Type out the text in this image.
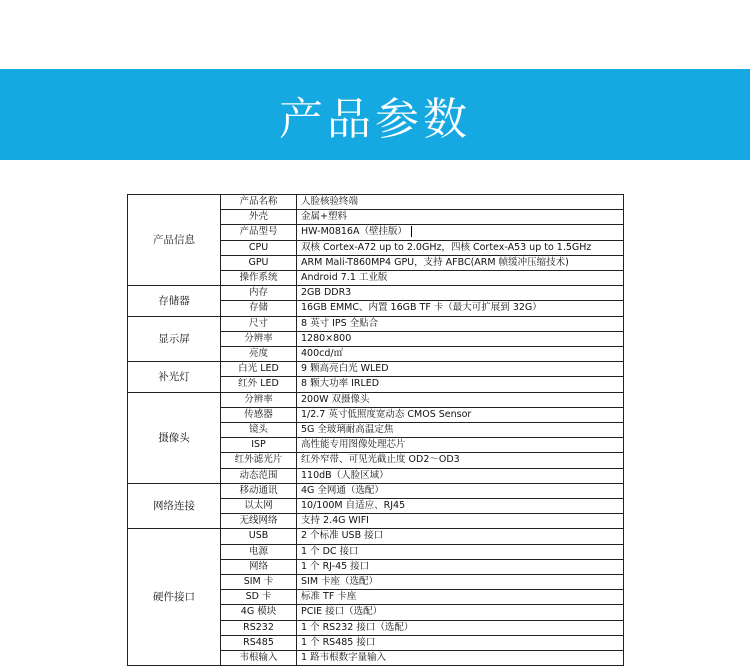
产品参数
产品信息	产品名称	人脸核验终端
	外壳	金属+塑料
	产品型号	HW-M0816A（壁挂版）
	CPU	双核 Cortex-A72 up to 2.0GHz，四核 Cortex-A53 up to 1.5GHz
	GPU	ARM Mali-T860MP4 GPU，支持 AFBC(ARM 帧缓冲压缩技术)
	操作系统	Android 7.1 工业版
存储器	内存	2GB DDR3
	存储	16GB EMMC、内置 16GB TF 卡（最大可扩展到 32G）
显示屏	尺寸	8 英寸 IPS 全贴合
	分辨率	1280×800
	亮度	400cd/㎡
补光灯	白光 LED	9 颗高亮白光 WLED
	红外 LED	8 颗大功率 IRLED
摄像头	分辨率	200W 双摄像头
	传感器	1/2.7 英寸低照度宽动态 CMOS Sensor
	镜头	5G 全玻璃耐高温定焦
	ISP	高性能专用图像处理芯片
	红外滤光片	红外窄带、可见光截止度 OD2～OD3
	动态范围	110dB（人脸区域）
网络连接	移动通讯	4G 全网通（选配）
	以太网	10/100M 自适应、RJ45
	无线网络	支持 2.4G WIFI
硬件接口	USB	2 个标准 USB 接口
	电源	1 个 DC 接口
	网络	1 个 RJ-45 接口
	SIM 卡	SIM 卡座（选配）
	SD 卡	标准 TF 卡座
	4G 模块	PCIE 接口（选配）
	RS232	1 个 RS232 接口（选配）
	RS485	1 个 RS485 接口
	韦根输入	1 路韦根数字量输入
